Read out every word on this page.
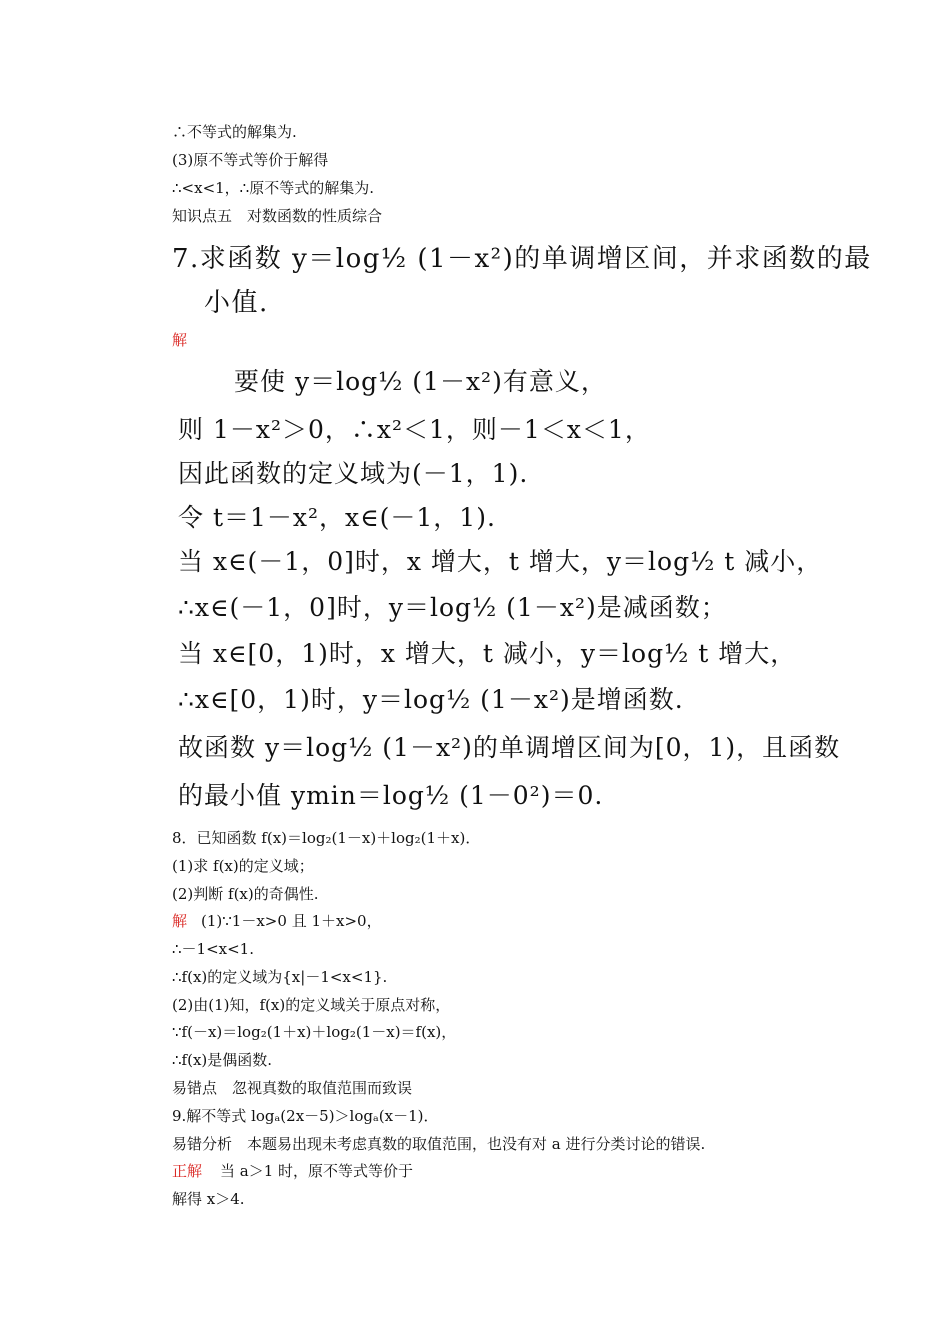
∴不等式的解集为.
(3)原不等式等价于解得
∴<x<1，∴原不等式的解集为.
知识点五　对数函数的性质综合
7.求函数 y＝log½ (1－x²)的单调增区间，并求函数的最
小值.
解
要使 y＝log½ (1－x²)有意义，
则 1－x²＞0，∴x²＜1，则－1＜x＜1，
因此函数的定义域为(－1，1).
令 t＝1－x²，x∈(－1，1).
当 x∈(－1，0]时，x 增大，t 增大，y＝log½ t 减小，
∴x∈(－1，0]时，y＝log½ (1－x²)是减函数；
当 x∈[0，1)时，x 增大，t 减小，y＝log½ t 增大，
∴x∈[0，1)时，y＝log½ (1－x²)是增函数.
故函数 y＝log½ (1－x²)的单调增区间为[0，1)，且函数
的最小值 ymin＝log½ (1－0²)＝0.
8．已知函数 f(x)＝log₂(1－x)＋log₂(1＋x)．
(1)求 f(x)的定义域；
(2)判断 f(x)的奇偶性.
解 (1)∵1－x>0 且 1＋x>0，
∴－1<x<1.
∴f(x)的定义域为{x|－1<x<1}.
(2)由(1)知，f(x)的定义域关于原点对称，
∵f(－x)＝log₂(1＋x)＋log₂(1－x)＝f(x)，
∴f(x)是偶函数.
易错点　忽视真数的取值范围而致误
9.解不等式 logₐ(2x－5)＞logₐ(x－1)．
易错分析　本题易出现未考虑真数的取值范围，也没有对 a 进行分类讨论的错误.
正解 当 a＞1 时，原不等式等价于
解得 x＞4.
